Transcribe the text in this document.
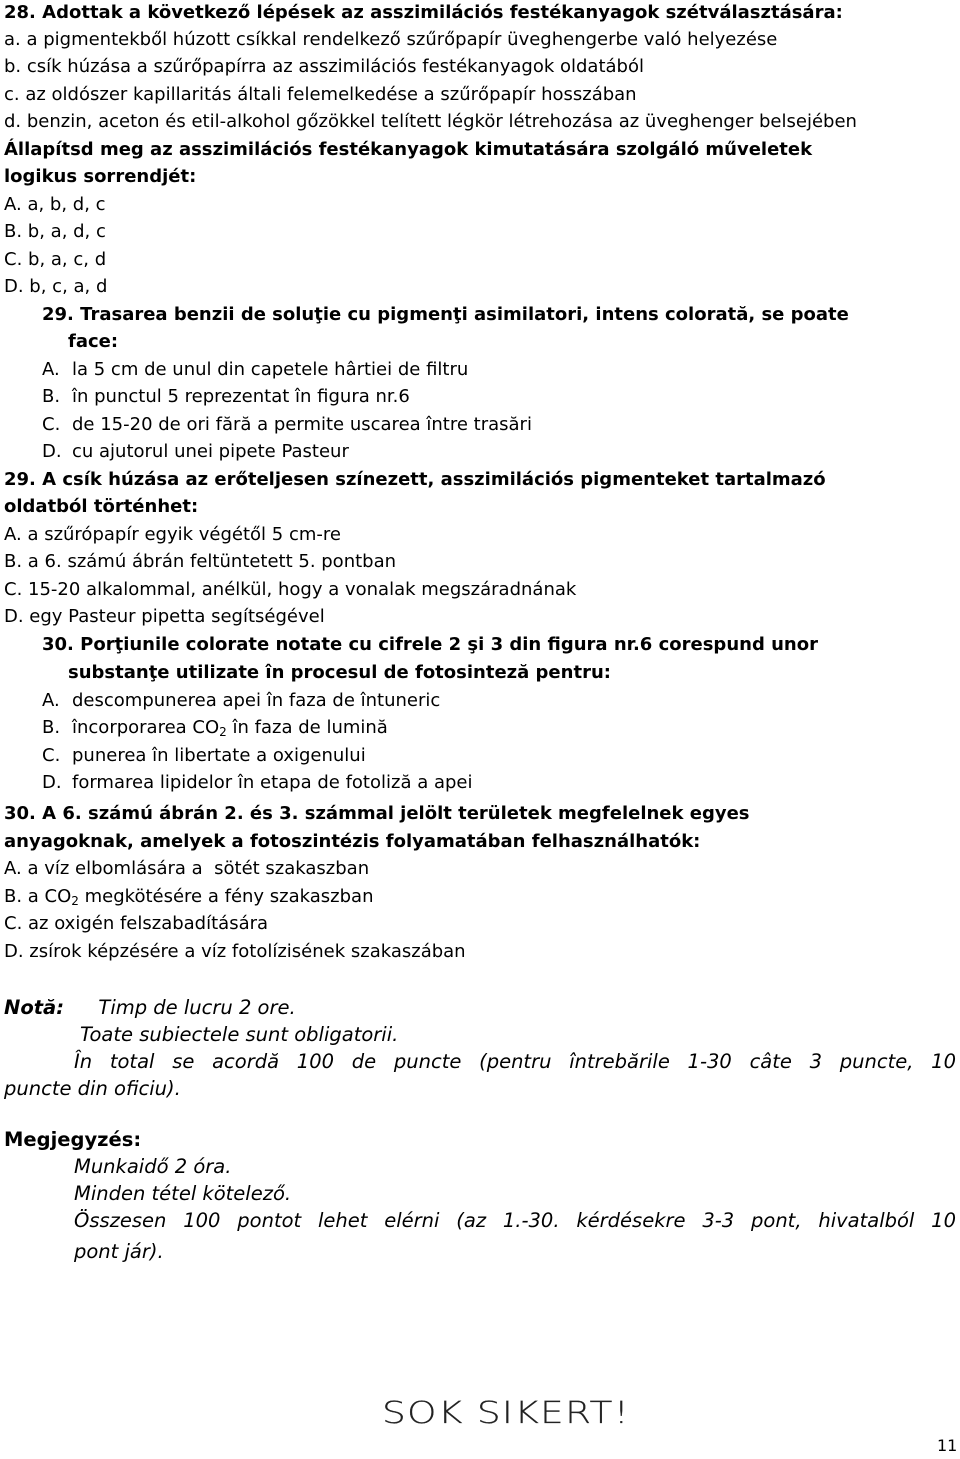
28. Adottak a következő lépések az asszimilációs festékanyagok szétválasztására:
a. a pigmentekből húzott csíkkal rendelkező szűrőpapír üveghengerbe való helyezése
b. csík húzása a szűrőpapírra az asszimilációs festékanyagok oldatából
c. az oldószer kapillaritás általi felemelkedése a szűrőpapír hosszában
d. benzin, aceton és etil-alkohol gőzökkel telített légkör létrehozása az üveghenger belsejében
Állapítsd meg az asszimilációs festékanyagok kimutatására szolgáló műveletek
logikus sorrendjét:
A. a, b, d, c
B. b, a, d, c
C. b, a, c, d
D. b, c, a, d
29. Trasarea benzii de soluţie cu pigmenţi asimilatori, intens colorată, se poate
face:
A. la 5 cm de unul din capetele hârtiei de filtru
B. în punctul 5 reprezentat în figura nr.6
C. de 15-20 de ori fără a permite uscarea între trasări
D. cu ajutorul unei pipete Pasteur
29. A csík húzása az erőteljesen színezett, asszimilációs pigmenteket tartalmazó
oldatból történhet:
A. a szűrópapír egyik végétől 5 cm-re
B. a 6. számú ábrán feltüntetett 5. pontban
C. 15-20 alkalommal, anélkül, hogy a vonalak megszáradnának
D. egy Pasteur pipetta segítségével
30. Porţiunile colorate notate cu cifrele 2 şi 3 din figura nr.6 corespund unor
substanţe utilizate în procesul de fotosinteză pentru:
A. descompunerea apei în faza de întuneric
B. încorporarea $CO_2$ în faza de lumină
C. punerea în libertate a oxigenului
D. formarea lipidelor în etapa de fotoliză a apei
30. A 6. számú ábrán 2. és 3. számmal jelölt területek megfelelnek egyes
anyagoknak, amelyek a fotoszintézis folyamatában felhasználhatók:
A. a víz elbomlására a  sötét szakaszban
B. a $CO_2$ megkötésére a fény szakaszban
C. az oxigén felszabadítására
D. zsírok képzésére a víz fotolízisének szakaszában
Notă: Timp de lucru 2 ore.
Toate subiectele sunt obligatorii.
În total se acordă 100 de puncte (pentru întrebările 1-30 câte 3 puncte, 10
puncte din oficiu).
Megjegyzés:
Munkaidő 2 óra.
Minden tétel kötelező.
Összesen 100 pontot lehet elérni (az 1.-30. kérdésekre 3-3 pont, hivatalból 10
pont jár).
SOK SIKERT!
11
